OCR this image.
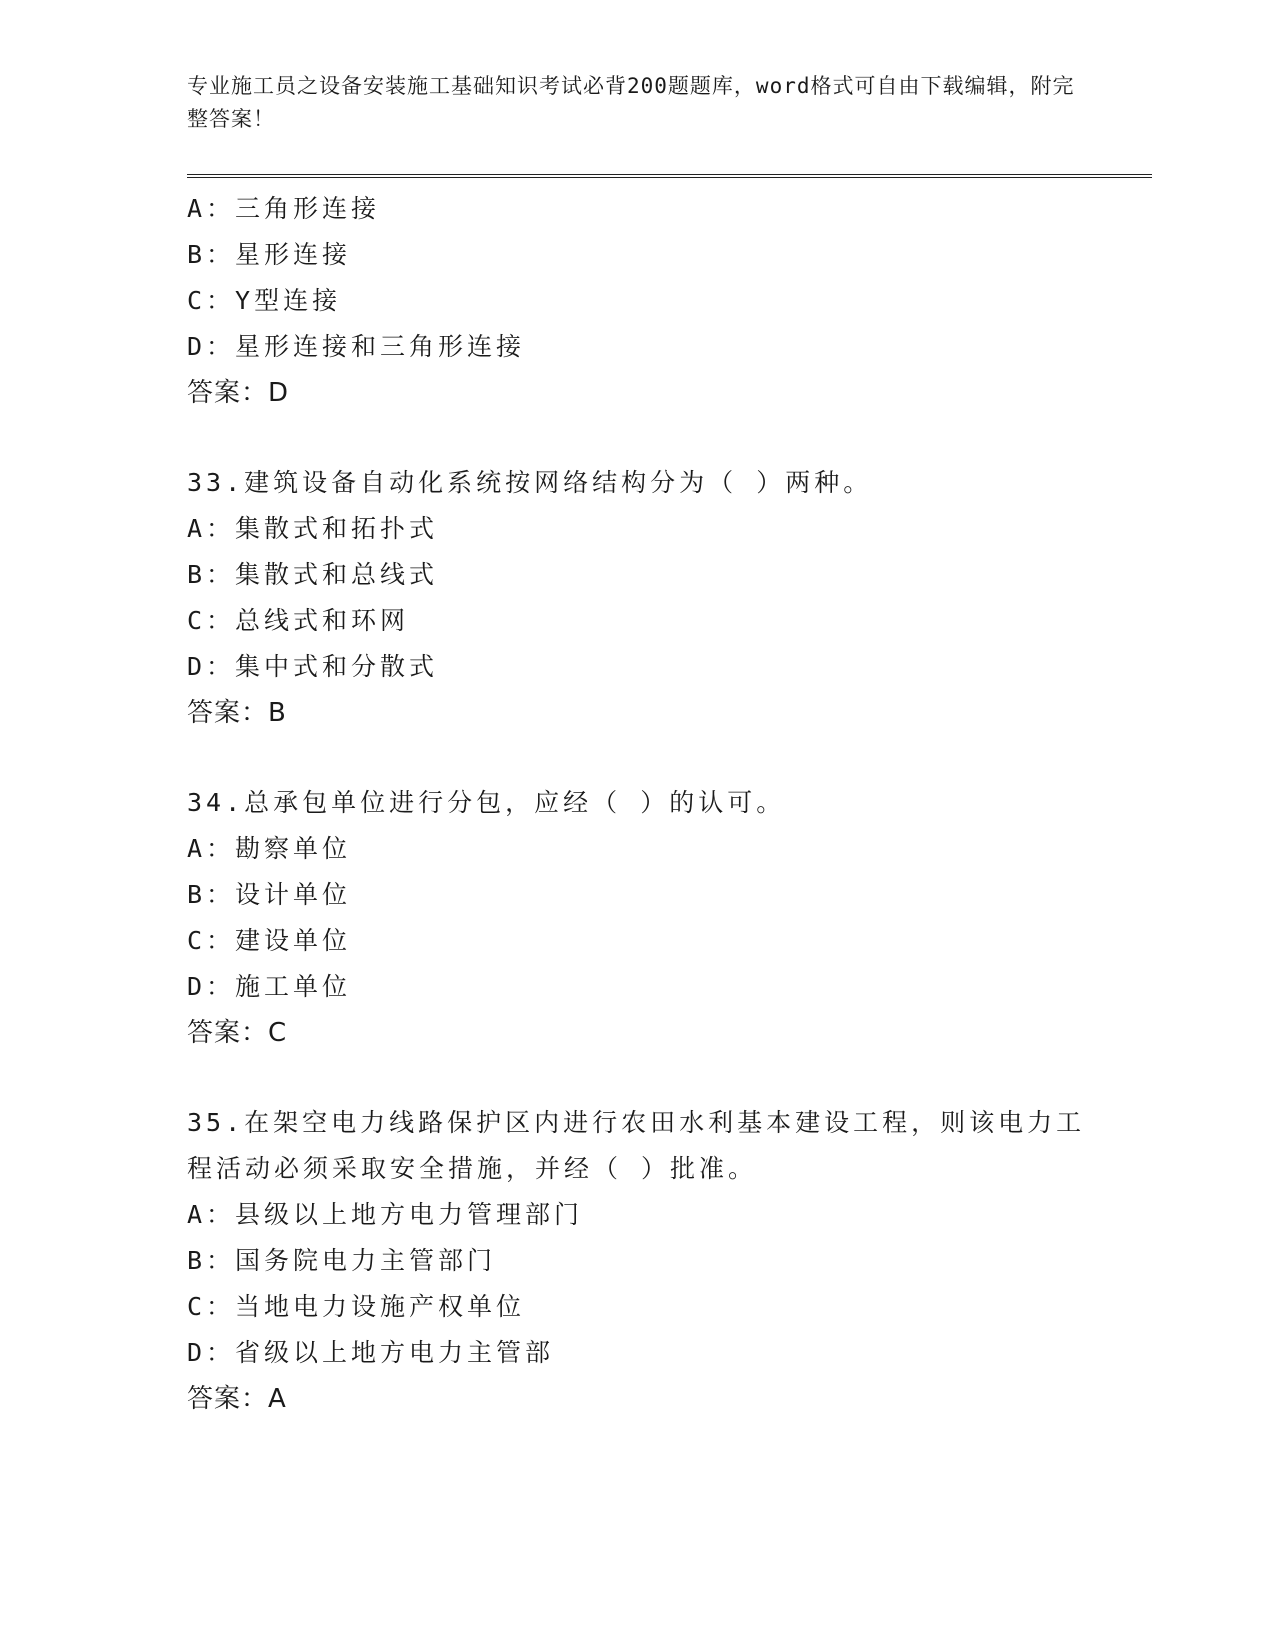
专业施工员之设备安装施工基础知识考试必背200题题库，word格式可自由下载编辑，附完整答案！

A：三角形连接
B：星形连接
C：Y型连接
D：星形连接和三角形连接
答案：D
33.建筑设备自动化系统按网络结构分为（ ）两种。
A：集散式和拓扑式
B：集散式和总线式
C：总线式和环网
D：集中式和分散式
答案：B
34.总承包单位进行分包，应经（ ）的认可。
A：勘察单位
B：设计单位
C：建设单位
D：施工单位
答案：C
35.在架空电力线路保护区内进行农田水利基本建设工程，则该电力工程活动必须采取安全措施，并经（ ）批准。
A：县级以上地方电力管理部门
B：国务院电力主管部门
C：当地电力设施产权单位
D：省级以上地方电力主管部
答案：A
